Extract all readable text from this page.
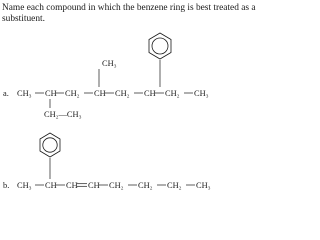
Name each compound in which the benzene ring is best treated as a substituent.
a. CH₃ CH CH₂ CH CH₂ CH CH₂ CH₃
CH₃
CH₂—CH₃
b. CH₃ CH CH CH CH₂ CH₂ CH₂ CH₃
